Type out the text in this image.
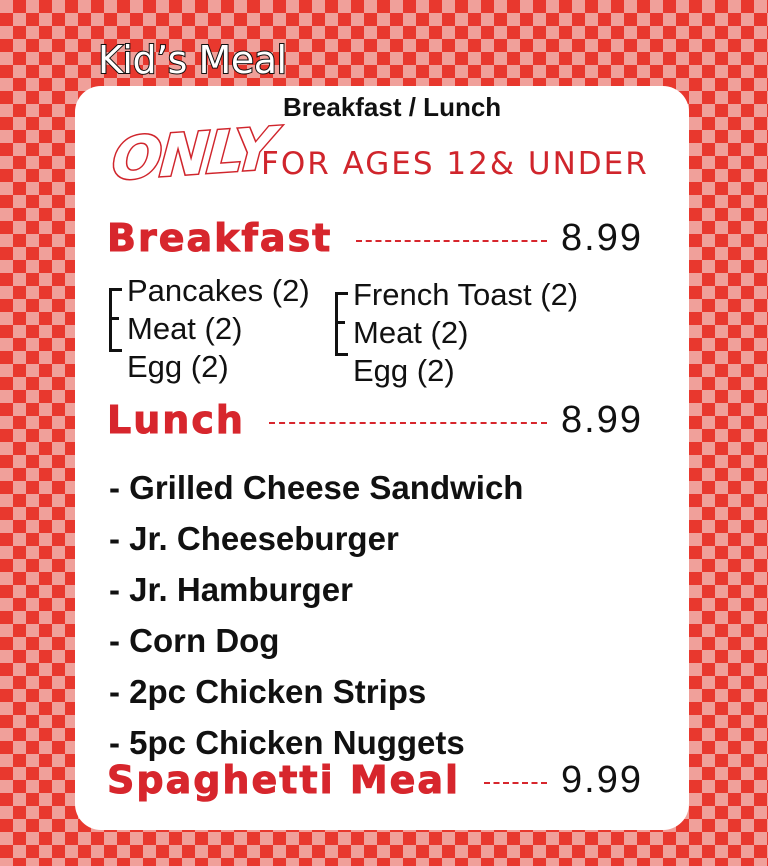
Kid’s Meal
Breakfast / Lunch
ONLY
FOR AGES 12& UNDER
Breakfast	8.99
Pancakes (2)
Meat (2)
Egg (2)
French Toast (2)
Meat (2)
Egg (2)
Lunch	8.99
- Grilled Cheese Sandwich
- Jr. Cheeseburger
- Jr. Hamburger
- Corn Dog
- 2pc Chicken Strips
- 5pc Chicken Nuggets
Spaghetti Meal	9.99
